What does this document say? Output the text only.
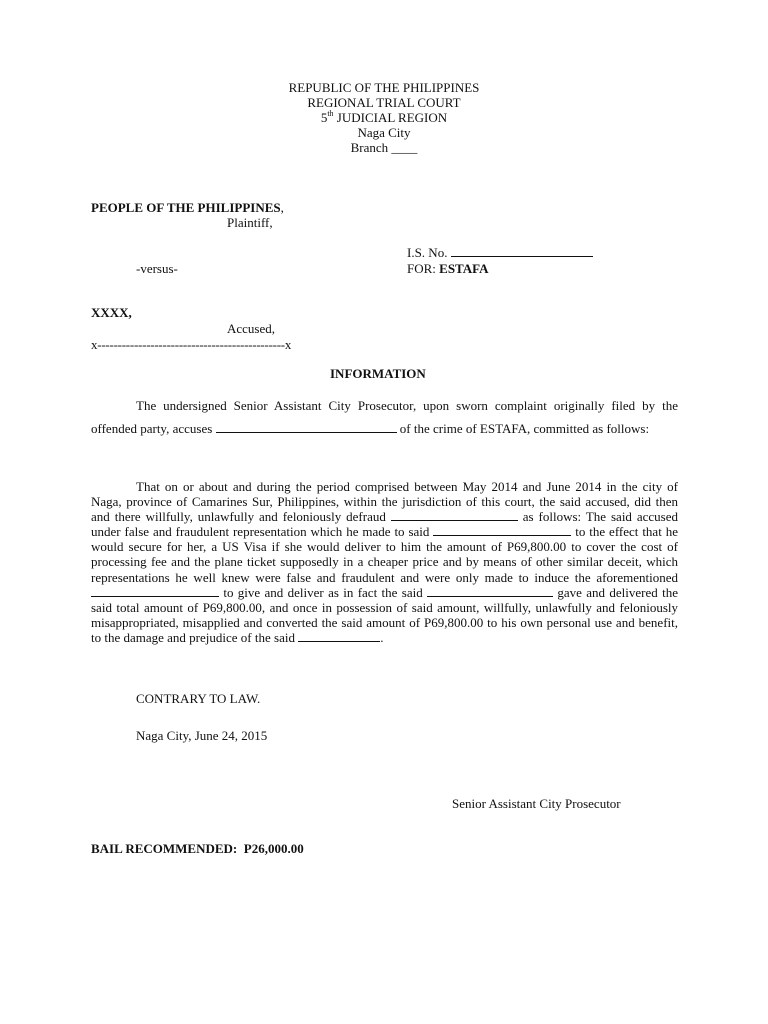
REPUBLIC OF THE PHILIPPINES
REGIONAL TRIAL COURT
5th JUDICIAL REGION
Naga City
Branch ____
PEOPLE OF THE PHILIPPINES,
Plaintiff,
I.S. No.
-versus-	FOR: ESTAFA
XXXX,
Accused,
x----------------------------------------------x
INFORMATION
The undersigned Senior Assistant City Prosecutor, upon sworn complaint originally filed by the offended party, accuses	of the crime of ESTAFA, committed as follows:
That on or about and during the period comprised between May 2014 and June 2014 in the city of Naga, province of Camarines Sur, Philippines, within the jurisdiction of this court, the said accused, did then and there willfully, unlawfully and feloniously defraud	as follows: The said accused under false and fraudulent representation which he made to said	to the effect that he would secure for her, a US Visa if she would deliver to him the amount of P69,800.00 to cover the cost of processing fee and the plane ticket supposedly in a cheaper price and by means of other similar deceit, which representations he well knew were false and fraudulent and were only made to induce the aforementioned  to give and deliver as in fact the said	gave and delivered the said total amount of P69,800.00, and once in possession of said amount, willfully, unlawfully and feloniously misappropriated, misapplied and converted the said amount of P69,800.00 to his own personal use and benefit, to the damage and prejudice of the said	.
CONTRARY TO LAW.
Naga City, June 24, 2015
Senior Assistant City Prosecutor
BAIL RECOMMENDED: P26,000.00
